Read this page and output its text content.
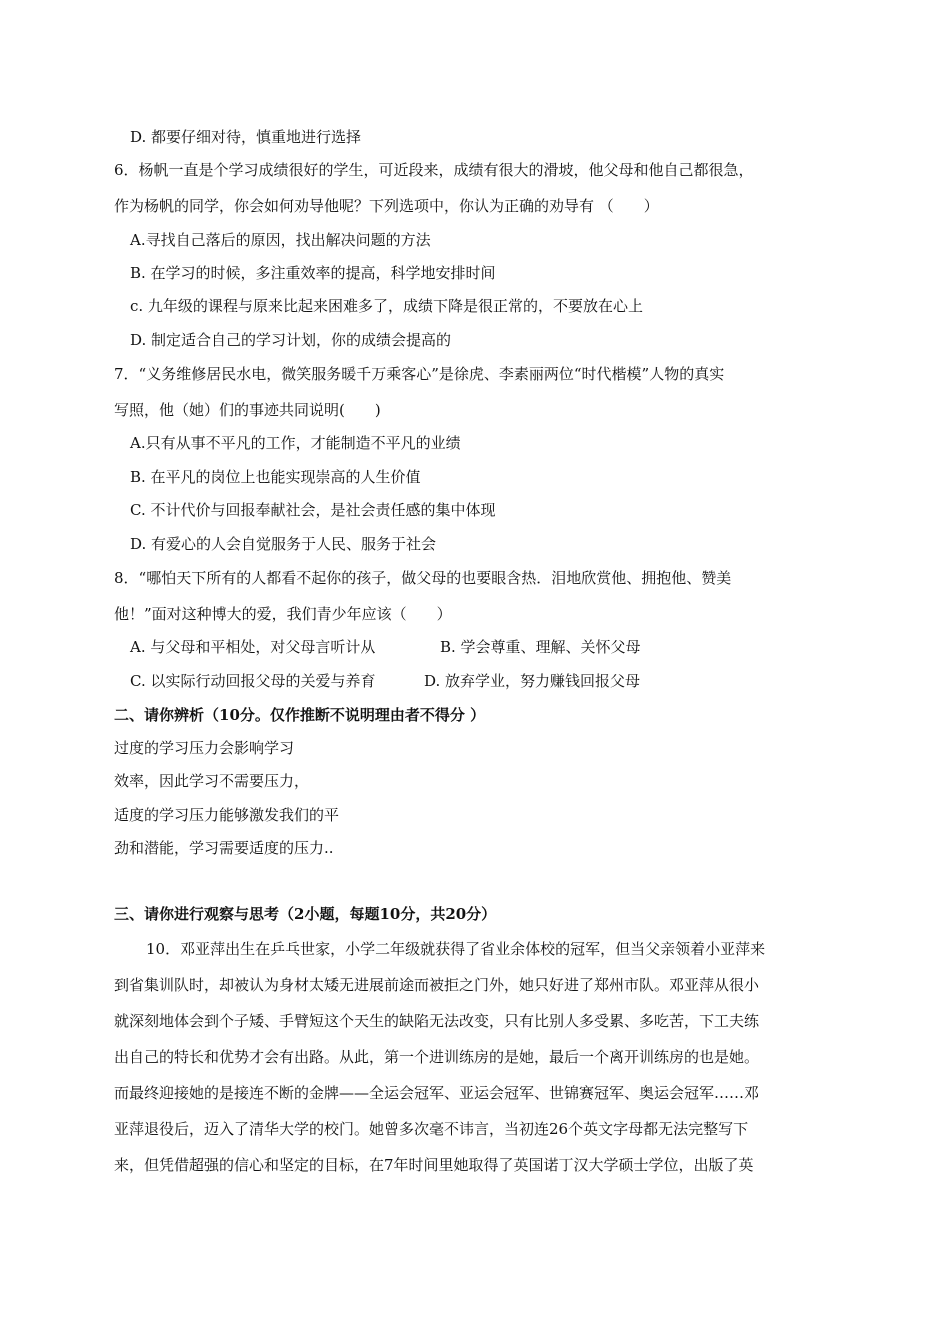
D. 都要仔细对待，慎重地进行选择
6．杨帆一直是个学习成绩很好的学生，可近段来，成绩有很大的滑坡，他父母和他自己都很急，
作为杨帆的同学，你会如何劝导他呢？下列选项中，你认为正确的劝导有 （　　）
A.寻找自己落后的原因，找出解决问题的方法
B. 在学习的时候，多注重效率的提高，科学地安排时间
c. 九年级的课程与原来比起来困难多了，成绩下降是很正常的，不要放在心上
D. 制定适合自己的学习计划，你的成绩会提高的
7．“义务维修居民水电，微笑服务暖千万乘客心”是徐虎、李素丽两位“时代楷模”人物的真实
写照，他（她）们的事迹共同说明(　　)
A.只有从事不平凡的工作，才能制造不平凡的业绩
B. 在平凡的岗位上也能实现崇高的人生价值
C. 不计代价与回报奉献社会，是社会责任感的集中体现
D. 有爱心的人会自觉服务于人民、服务于社会
8．“哪怕天下所有的人都看不起你的孩子，做父母的也要眼含热．泪地欣赏他、拥抱他、赞美
他！”面对这种博大的爱，我们青少年应该（　　）
A. 与父母和平相处，对父母言听计从	B. 学会尊重、理解、关怀父母
C. 以实际行动回报父母的关爱与养育	D. 放弃学业，努力赚钱回报父母
二、请你辨析（10分。仅作推断不说明理由者不得分 ）
过度的学习压力会影响学习
效率，因此学习不需要压力，
适度的学习压力能够激发我们的平
劲和潜能，学习需要适度的压力..
三、请你进行观察与思考（2小题，每题10分，共20分）
10．邓亚萍出生在乒乓世家，小学二年级就获得了省业余体校的冠军，但当父亲领着小亚萍来
到省集训队时，却被认为身材太矮无进展前途而被拒之门外，她只好进了郑州市队。邓亚萍从很小
就深刻地体会到个子矮、手臂短这个天生的缺陷无法改变，只有比别人多受累、多吃苦，下工夫练
出自己的特长和优势才会有出路。从此，第一个进训练房的是她，最后一个离开训练房的也是她。
而最终迎接她的是接连不断的金牌——全运会冠军、亚运会冠军、世锦赛冠军、奥运会冠军……邓
亚萍退役后，迈入了清华大学的校门。她曾多次毫不讳言，当初连26个英文字母都无法完整写下
来，但凭借超强的信心和坚定的目标，在7年时间里她取得了英国诺丁汉大学硕士学位，出版了英
